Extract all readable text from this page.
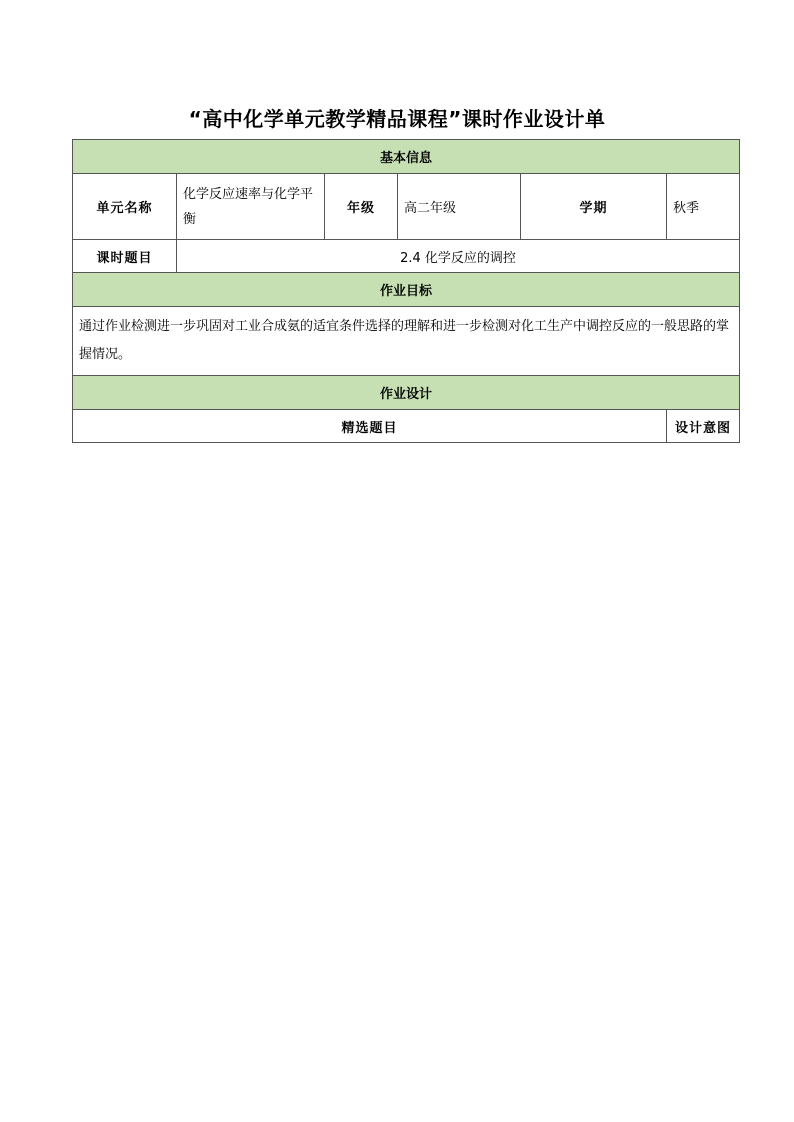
“高中化学单元教学精品课程”课时作业设计单
基本信息					
单元名称	化学反应速率与化学平衡	年级	高二年级	学期	秋季
课时题目	2.4 化学反应的调控				
作业目标					
通过作业检测进一步巩固对工业合成氨的适宜条件选择的理解和进一步检测对化工生产中调控反应的一般思路的掌握情况。					
作业设计					
精选题目					设计意图
